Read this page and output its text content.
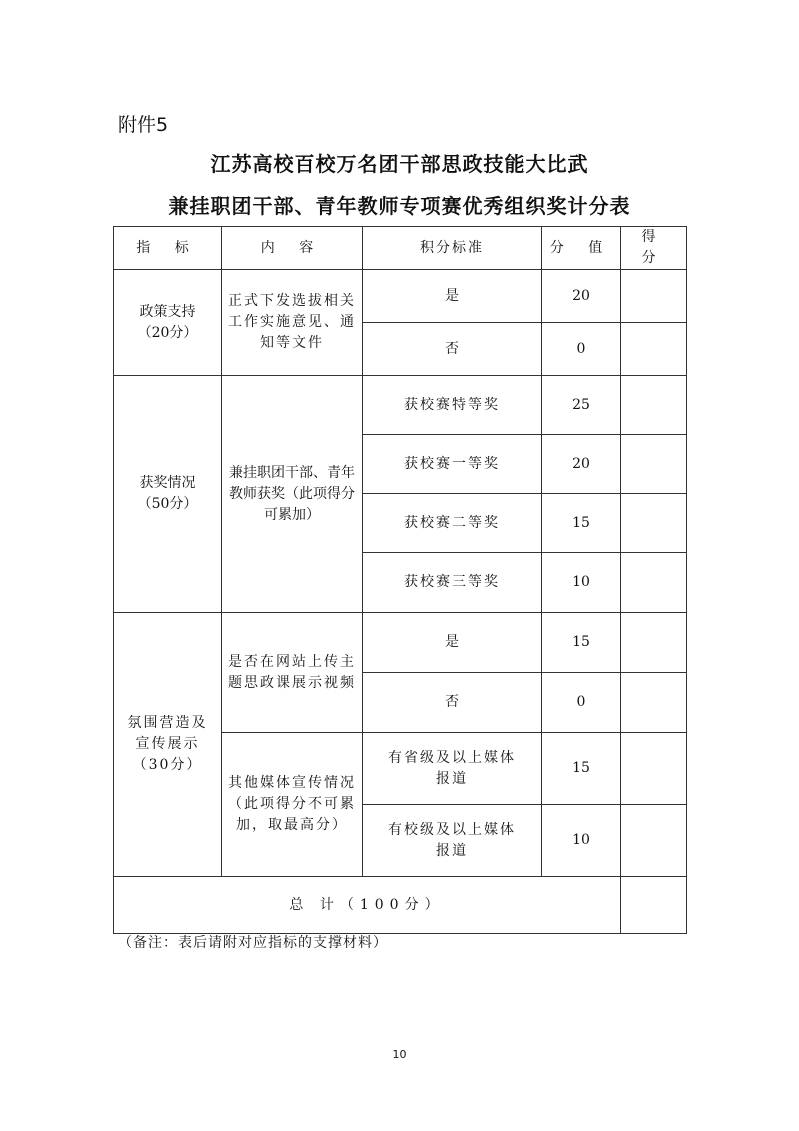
附件5
江苏高校百校万名团干部思政技能大比武
兼挂职团干部、青年教师专项赛优秀组织奖计分表
指 标	内 容	积分标准	分 值	得 分

政策支持
（20分）	正式下发选拔相关工作实施意见、通知等文件	是	20	
		否	0	

获奖情况
（50分）	兼挂职团干部、青年教师获奖（此项得分可累加）	获校赛特等奖	25	
		获校赛一等奖	20	
		获校赛二等奖	15	
		获校赛三等奖	10	

氛围营造及宣传展示
（30分）	是否在网站上传主题思政课展示视频	是	15	
		否	0	
	其他媒体宣传情况（此项得分不可累加，取最高分）	有省级及以上媒体报道	15	
		有校级及以上媒体报道	10	
总 计（100分）				
（备注：表后请附对应指标的支撑材料）
10
